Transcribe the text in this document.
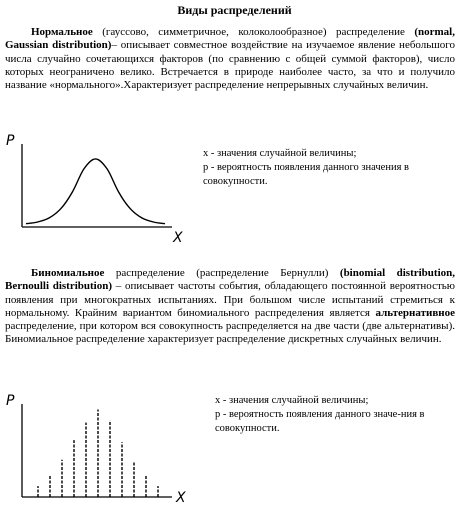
Виды распределений
Нормальное (гауссово, симметричное, колоколообразное) распределение (normal, Gaussian distribution)– описывает совместное воздействие на изучаемое явление небольшого числа случайно сочетающихся факторов (по сравнению с общей суммой факторов), число которых неограничено велико. Встречается в природе наиболее часто, за что и получило название «нормального».Характеризует распределение непрерывных случайных величин.
P
X
x - значения случайной величины;
p - вероятность появления данного значения в совокупности.
Биномиальное распределение (распределение Бернулли) (binomial distribution, Bernoulli distribution) – описывает частоты события, обладающего постоянной вероятностью появления при многократных испытаниях. При большом числе испытаний стремиться к нормальному. Крайним вариантом биномиального распределения является альтернативное распределение, при котором вся совокупность распределяется на две части (две альтернативы). Биномиальное распределение характеризует распределение дискретных случайных величин.
P
X
x - значения случайной величины;
p - вероятность появления данного значе-ния в совокупности.
